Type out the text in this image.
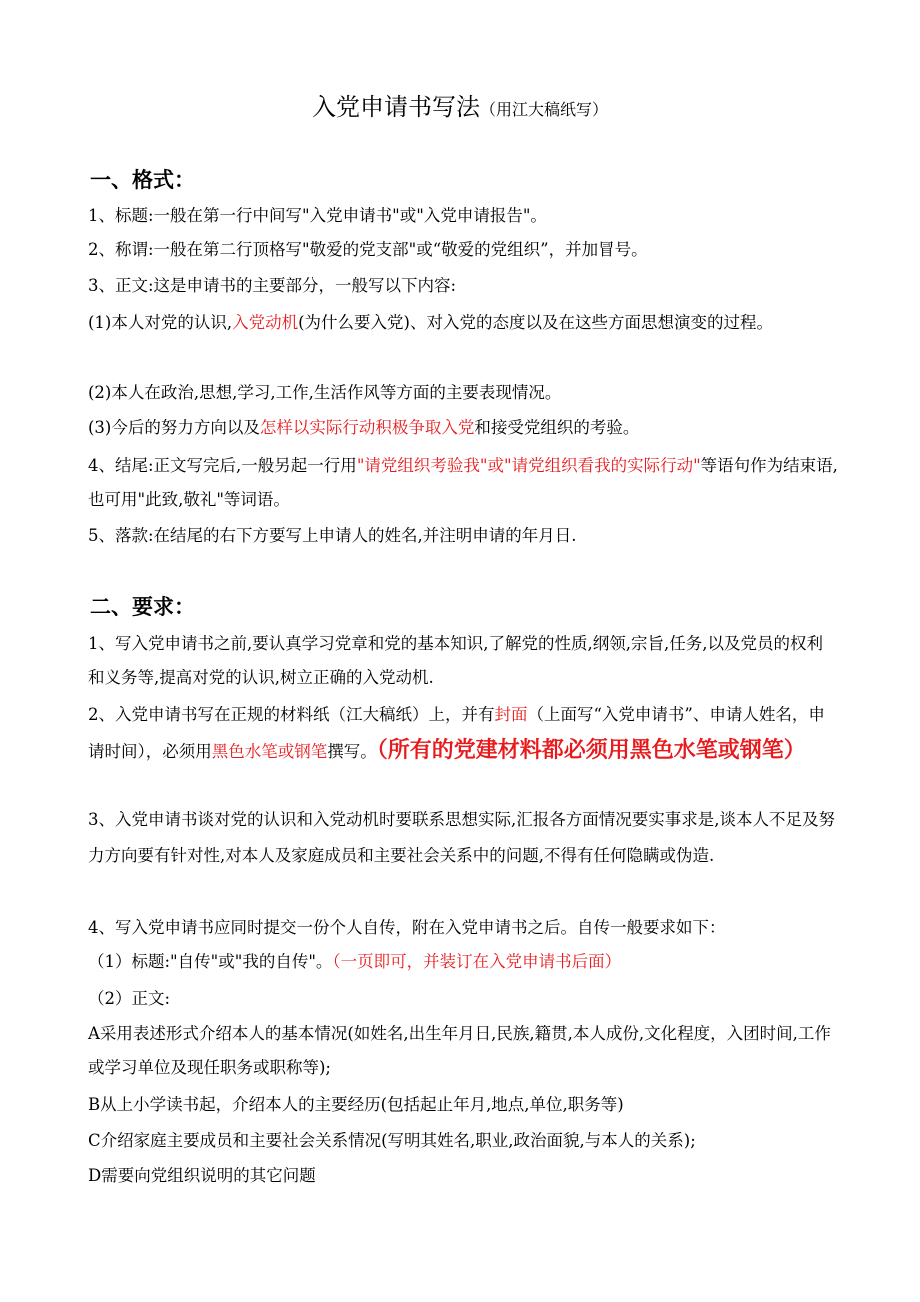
入党申请书写法（用江大稿纸写）
一、格式：
1、标题:一般在第一行中间写"入党申请书"或"入党申请报告"。
2、称谓:一般在第二行顶格写"敬爱的党支部"或“敬爱的党组织”，并加冒号。
3、正文:这是申请书的主要部分，一般写以下内容:
(1)本人对党的认识,入党动机(为什么要入党)、对入党的态度以及在这些方面思想演变的过程。
(2)本人在政治,思想,学习,工作,生活作风等方面的主要表现情况。
(3)今后的努力方向以及怎样以实际行动积极争取入党和接受党组织的考验。
4、结尾:正文写完后,一般另起一行用"请党组织考验我"或"请党组织看我的实际行动"等语句作为结束语,也可用"此致,敬礼"等词语。
5、落款:在结尾的右下方要写上申请人的姓名,并注明申请的年月日.
二、要求：
1、写入党申请书之前,要认真学习党章和党的基本知识,了解党的性质,纲领,宗旨,任务,以及党员的权利和义务等,提高对党的认识,树立正确的入党动机.
2、入党申请书写在正规的材料纸（江大稿纸）上，并有封面（上面写“入党申请书”、申请人姓名，申请时间），必须用黑色水笔或钢笔撰写。（所有的党建材料都必须用黑色水笔或钢笔）
3、入党申请书谈对党的认识和入党动机时要联系思想实际,汇报各方面情况要实事求是,谈本人不足及努力方向要有针对性,对本人及家庭成员和主要社会关系中的问题,不得有任何隐瞒或伪造.
4、写入党申请书应同时提交一份个人自传，附在入党申请书之后。自传一般要求如下：
（1）标题:"自传"或"我的自传"。（一页即可，并装订在入党申请书后面）
（2）正文:
A采用表述形式介绍本人的基本情况(如姓名,出生年月日,民族,籍贯,本人成份,文化程度，入团时间,工作或学习单位及现任职务或职称等);
B从上小学读书起，介绍本人的主要经历(包括起止年月,地点,单位,职务等)
C介绍家庭主要成员和主要社会关系情况(写明其姓名,职业,政治面貌,与本人的关系);
D需要向党组织说明的其它问题
